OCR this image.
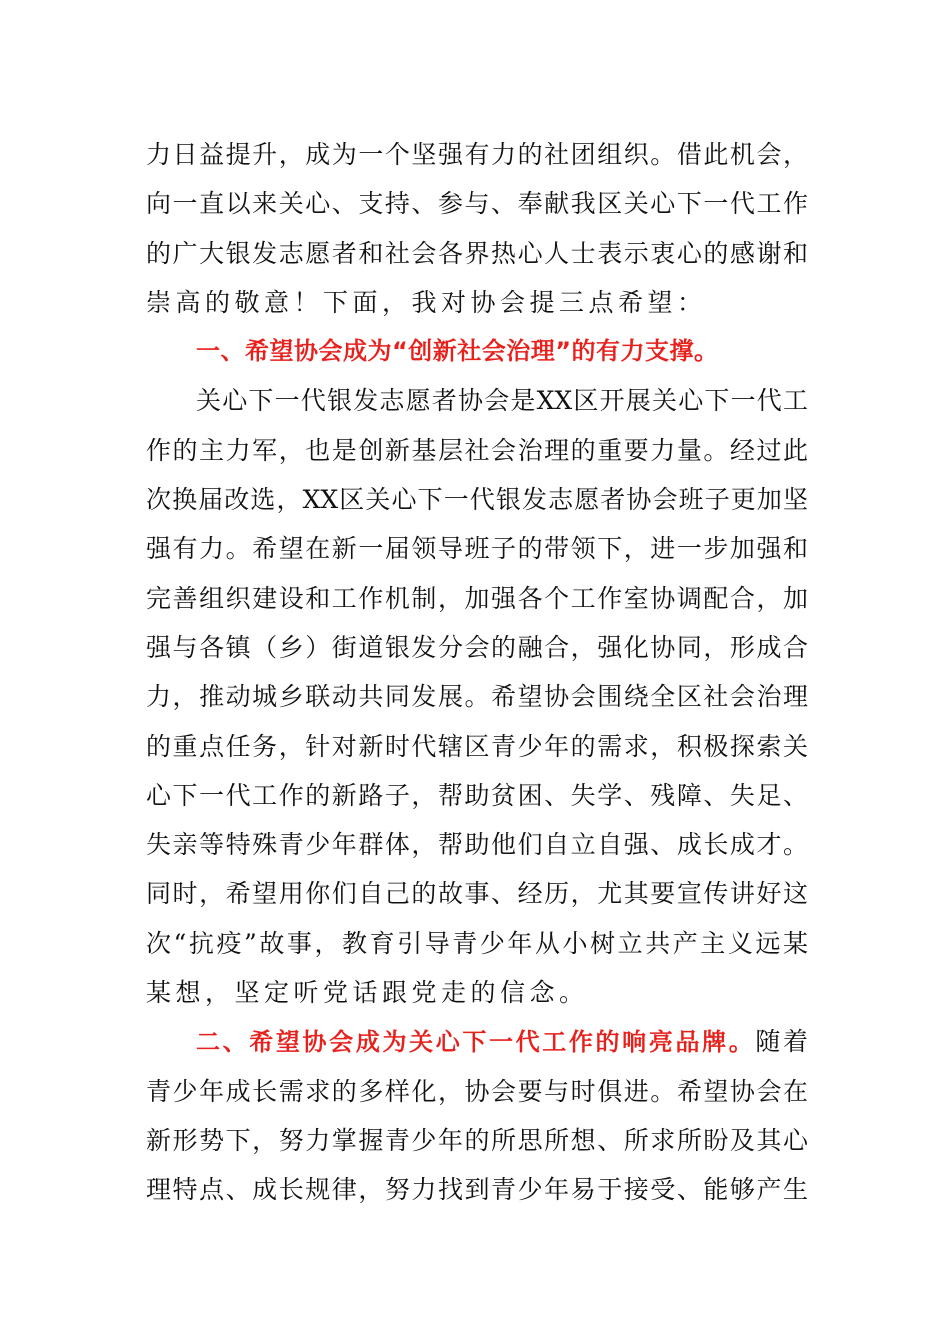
力日益提升，成为一个坚强有力的社团组织。借此机会，
向一直以来关心、支持、参与、奉献我区关心下一代工作
的广大银发志愿者和社会各界热心人士表示衷心的感谢和
崇高的敬意！下面，我对协会提三点希望：
一、希望协会成为“创新社会治理”的有力支撑。
关心下一代银发志愿者协会是XX区开展关心下一代工
作的主力军，也是创新基层社会治理的重要力量。经过此
次换届改选，XX区关心下一代银发志愿者协会班子更加坚
强有力。希望在新一届领导班子的带领下，进一步加强和
完善组织建设和工作机制，加强各个工作室协调配合，加
强与各镇（乡）街道银发分会的融合，强化协同，形成合
力，推动城乡联动共同发展。希望协会围绕全区社会治理
的重点任务，针对新时代辖区青少年的需求，积极探索关
心下一代工作的新路子，帮助贫困、失学、残障、失足、
失亲等特殊青少年群体，帮助他们自立自强、成长成才。
同时，希望用你们自己的故事、经历，尤其要宣传讲好这
次“抗疫”故事，教育引导青少年从小树立共产主义远某
某想，坚定听党话跟党走的信念。
二、希望协会成为关心下一代工作的响亮品牌。随着
青少年成长需求的多样化，协会要与时俱进。希望协会在
新形势下，努力掌握青少年的所思所想、所求所盼及其心
理特点、成长规律，努力找到青少年易于接受、能够产生
